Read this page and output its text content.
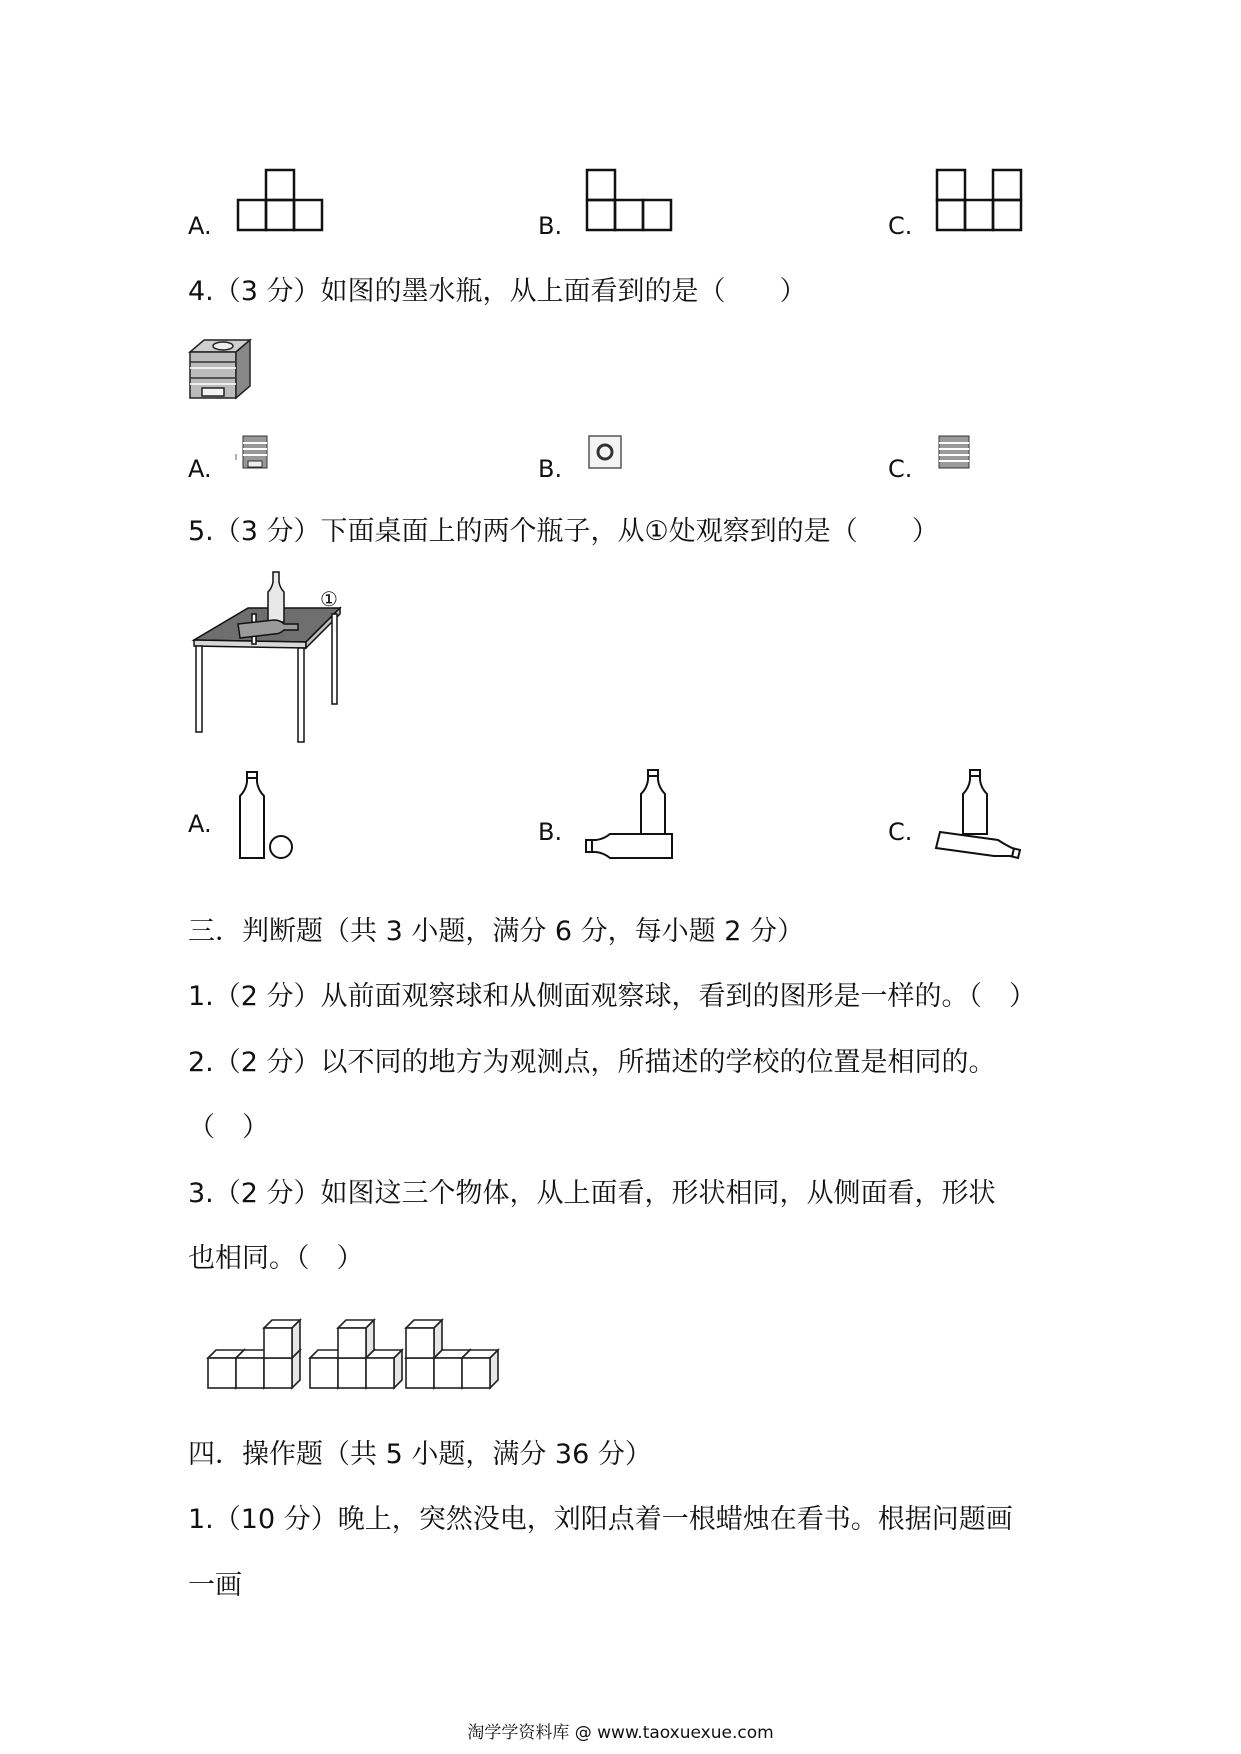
A.	B.	C.
4.（3 分）如图的墨水瓶，从上面看到的是（　　）
A.	B.	C.
5.（3 分）下面桌面上的两个瓶子，从①处观察到的是（　　）
①
A.	B.	C.
三．判断题（共 3 小题，满分 6 分，每小题 2 分）
1.（2 分）从前面观察球和从侧面观察球，看到的图形是一样的。（　）
2.（2 分）以不同的地方为观测点，所描述的学校的位置是相同的。
（　）
3.（2 分）如图这三个物体，从上面看，形状相同，从侧面看，形状
也相同。（　）
四．操作题（共 5 小题，满分 36 分）
1.（10 分）晚上，突然没电，刘阳点着一根蜡烛在看书。根据问题画
一画
淘学学资料库 @ www.taoxuexue.com
